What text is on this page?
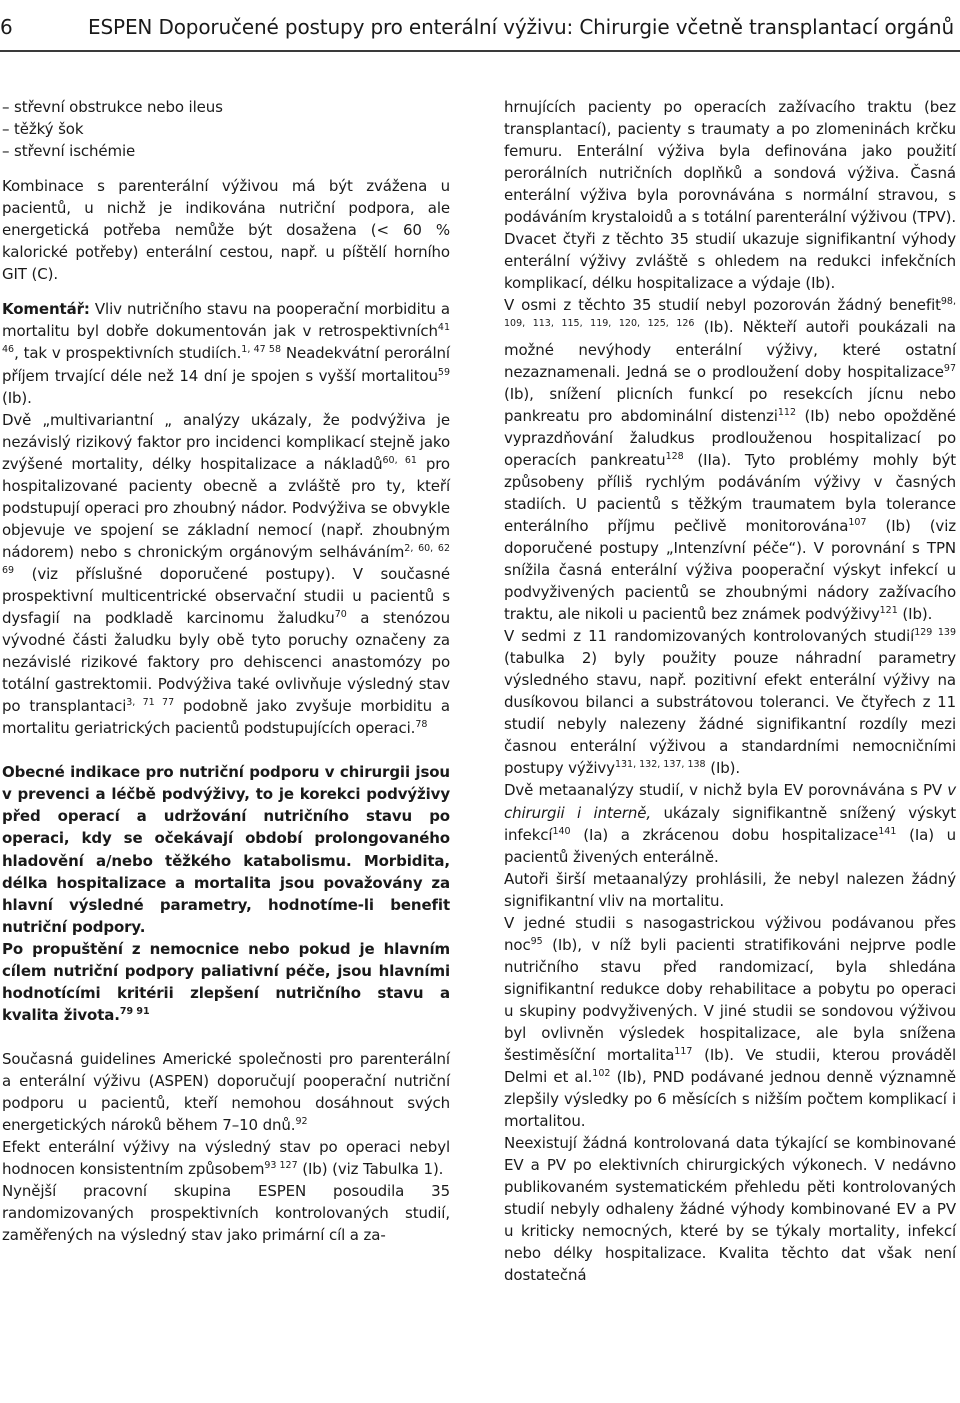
6	ESPEN Doporučené postupy pro enterální výživu: Chirurgie včetně transplantací orgánů

– střevní obstrukce nebo ileus
– těžký šok
– střevní ischémie

Kombinace s parenterální výživou má být zvážena u pacientů, u nichž je indikována nutriční podpora, ale energetická potřeba nemůže být dosažena (< 60 % kalorické potřeby) enterální cestou, např. u píštělí horního GIT (C).

Komentář: Vliv nutričního stavu na pooperační morbiditu a mortalitu byl dobře dokumentován jak v retrospektivních$^{41 46}$, tak v prospektivních studiích.$^{1, 47 58}$ Neadekvátní perorální příjem trvající déle než 14 dní je spojen s vyšší mortalitou$^{59}$ (Ib).

Dvě „multivariantní „ analýzy ukázaly, že podvýživa je nezávislý rizikový faktor pro incidenci komplikací stejně jako zvýšené mortality, délky hospitalizace a nákladů$^{60, 61}$ pro hospitalizované pacienty obecně a zvláště pro ty, kteří podstupují operaci pro zhoubný nádor. Podvýživa se obvykle objevuje ve spojení se základní nemocí (např. zhoubným nádorem) nebo s chronickým orgánovým selháváním$^{2, 60, 62 69}$ (viz příslušné doporučené postupy). V současné prospektivní multicentrické observační studii u pacientů s dysfagií na podkladě karcinomu žaludku$^{70}$ a stenózou vývodné části žaludku byly obě tyto poruchy označeny za nezávislé rizikové faktory pro dehiscenci anastomózy po totální gastrektomii. Podvýživa také ovlivňuje výsledný stav po transplantaci$^{3, 71 77}$ podobně jako zvyšuje morbiditu a mortalitu geriatrických pacientů podstupujících operaci.$^{78}$

Obecné indikace pro nutriční podporu v chirurgii jsou v prevenci a léčbě podvýživy, to je korekci podvýživy před operací a udržování nutričního stavu po operaci, kdy se očekávají období prolongovaného hladovění a/nebo těžkého katabolismu. Morbidita, délka hospitalizace a mortalita jsou považovány za hlavní výsledné parametry, hodnotíme-li benefit nutriční podpory.

Po propuštění z nemocnice nebo pokud je hlavním cílem nutriční podpory paliativní péče, jsou hlavními hodnotícími kritérii zlepšení nutričního stavu a kvalita života.$^{79 91}$

Současná guidelines Americké společnosti pro parenterální a enterální výživu (ASPEN) doporučují pooperační nutriční podporu u pacientů, kteří nemohou dosáhnout svých energetických nároků během 7–10 dnů.$^{92}$

Efekt enterální výživy na výsledný stav po operaci nebyl hodnocen konsistentním způsobem$^{93 127}$ (Ib) (viz Tabulka 1).

Nynější pracovní skupina ESPEN posoudila 35 randomizovaných prospektivních kontrolovaných studií, zaměřených na výsledný stav jako primární cíl a za-

hrnujících pacienty po operacích zažívacího traktu (bez transplantací), pacienty s traumaty a po zlomeninách krčku femuru. Enterální výživa byla definována jako použití perorálních nutričních doplňků a sondová výživa. Časná enterální výživa byla porovnávána s normální stravou, s podáváním krystaloidů a s totální parenterální výživou (TPV). Dvacet čtyři z těchto 35 studií ukazuje signifikantní výhody enterální výživy zvláště s ohledem na redukci infekčních komplikací, délku hospitalizace a výdaje (Ib).

V osmi z těchto 35 studií nebyl pozorován žádný benefit$^{98, 109, 113, 115, 119, 120, 125, 126}$ (Ib). Někteří autoři poukázali na možné nevýhody enterální výživy, které ostatní nezaznamenali. Jedná se o prodloužení doby hospitalizace$^{97}$ (Ib), snížení plicních funkcí po resekcích jícnu nebo pankreatu pro abdominální distenzi$^{112}$ (Ib) nebo opožděné vyprazdňování žaludkus prodlouženou hospitalizací po operacích pankreatu$^{128}$ (IIa). Tyto problémy mohly být způsobeny příliš rychlým podáváním výživy v časných stadiích. U pacientů s těžkým traumatem byla tolerance enterálního příjmu pečlivě monitorována$^{107}$ (Ib) (viz doporučené postupy „Intenzívní péče“). V porovnání s TPN snížila časná enterální výživa pooperační výskyt infekcí u podvyživených pacientů se zhoubnými nádory zažívacího traktu, ale nikoli u pacientů bez známek podvýživy$^{121}$ (Ib).

V sedmi z 11 randomizovaných kontrolovaných studií$^{129 139}$ (tabulka 2) byly použity pouze náhradní parametry výsledného stavu, např. pozitivní efekt enterální výživy na dusíkovou bilanci a substrátovou toleranci. Ve čtyřech z 11 studií nebyly nalezeny žádné signifikantní rozdíly mezi časnou enterální výživou a standardními nemocničními postupy výživy$^{131, 132, 137, 138}$ (Ib).

Dvě metaanalýzy studií, v nichž byla EV porovnávána s PV v chirurgii i interně, ukázaly signifikantně snížený výskyt infekcí$^{140}$ (Ia) a zkrácenou dobu hospitalizace$^{141}$ (Ia) u pacientů živených enterálně.

Autoři širší metaanalýzy prohlásili, že nebyl nalezen žádný signifikantní vliv na mortalitu.

V jedné studii s nasogastrickou výživou podávanou přes noc$^{95}$ (Ib), v níž byli pacienti stratifikováni nejprve podle nutričního stavu před randomizací, byla shledána signifikantní redukce doby rehabilitace a pobytu po operaci u skupiny podvyživených. V jiné studii se sondovou výživou byl ovlivněn výsledek hospitalizace, ale byla snížena šestiměsíční mortalita$^{117}$ (Ib). Ve studii, kterou prováděl Delmi et al.$^{102}$ (Ib), PND podávané jednou denně významně zlepšily výsledky po 6 měsících s nižším počtem komplikací i mortalitou.

Neexistují žádná kontrolovaná data týkající se kombinované EV a PV po elektivních chirurgických výkonech. V nedávno publikovaném systematickém přehledu pěti kontrolovaných studií nebyly odhaleny žádné výhody kombinované EV a PV u kriticky nemocných, které by se týkaly mortality, infekcí nebo délky hospitalizace. Kvalita těchto dat však není dostatečná
